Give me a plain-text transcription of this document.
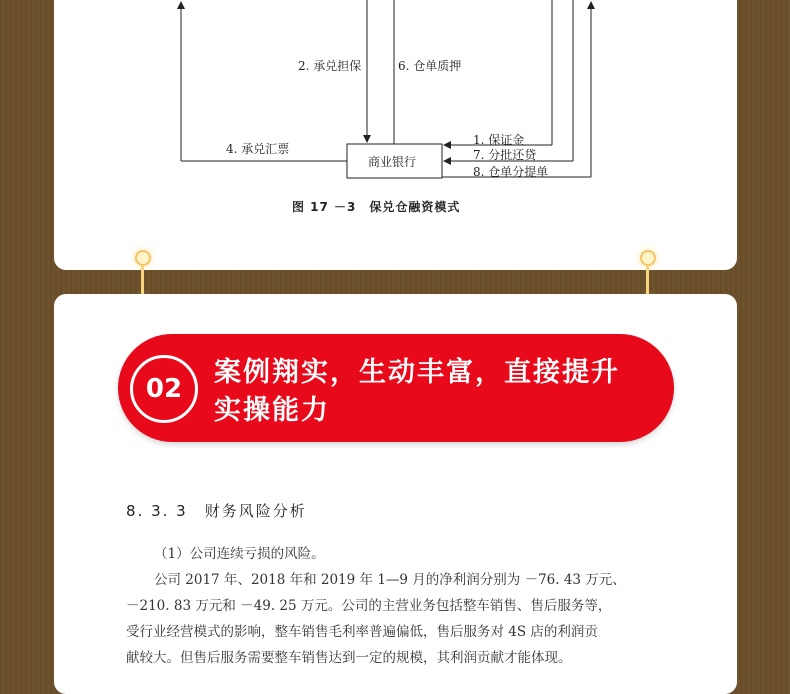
2. 承兑担保	6. 仓单质押
4. 承兑汇票
1. 保证金
7. 分批还贷
8. 仓单分提单
商业银行
图 17 －3　保兑仓融资模式
02
案例翔实，生动丰富，直接提升
实操能力
8. 3. 3　财务风险分析
（1）公司连续亏损的风险。
公司 2017 年、2018 年和 2019 年 1—9 月的净利润分别为 －76. 43 万元、
－210. 83 万元和 －49. 25 万元。公司的主营业务包括整车销售、售后服务等，
受行业经营模式的影响，整车销售毛利率普遍偏低，售后服务对 4S 店的利润贡
献较大。但售后服务需要整车销售达到一定的规模，其利润贡献才能体现。
